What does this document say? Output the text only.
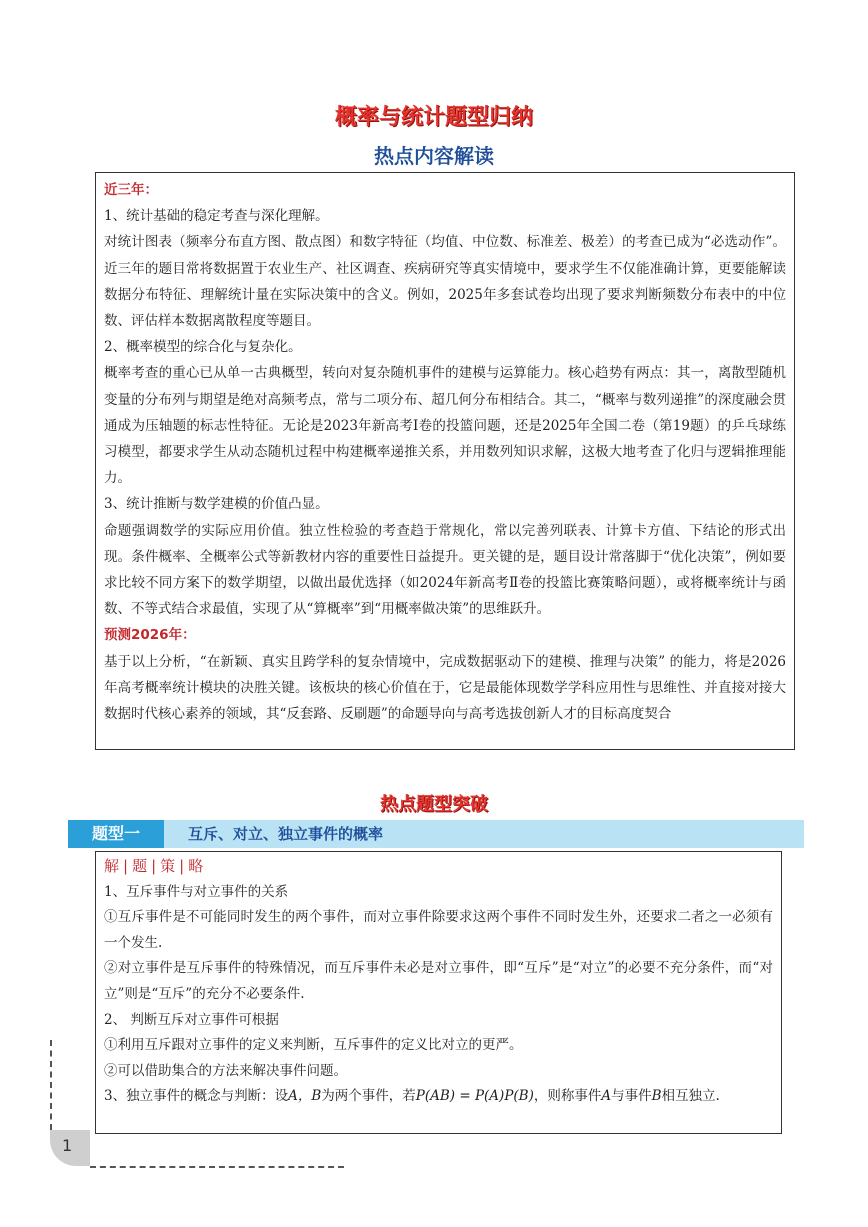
概率与统计题型归纳
热点内容解读

近三年：

1、统计基础的稳定考查与深化理解。

对统计图表（频率分布直方图、散点图）和数字特征（均值、中位数、标准差、极差）的考查已成为“必选动作”。近三年的题目常将数据置于农业生产、社区调查、疾病研究等真实情境中，要求学生不仅能准确计算，更要能解读数据分布特征、理解统计量在实际决策中的含义。例如，2025年多套试卷均出现了要求判断频数分布表中的中位数、评估样本数据离散程度等题目。

2、概率模型的综合化与复杂化。

概率考查的重心已从单一古典概型，转向对复杂随机事件的建模与运算能力。核心趋势有两点：其一，离散型随机变量的分布列与期望是绝对高频考点，常与二项分布、超几何分布相结合。其二，“概率与数列递推”的深度融会贯通成为压轴题的标志性特征。无论是2023年新高考Ⅰ卷的投篮问题，还是2025年全国二卷（第19题）的乒乓球练习模型，都要求学生从动态随机过程中构建概率递推关系，并用数列知识求解，这极大地考查了化归与逻辑推理能力。

3、统计推断与数学建模的价值凸显。

命题强调数学的实际应用价值。独立性检验的考查趋于常规化，常以完善列联表、计算卡方值、下结论的形式出现。条件概率、全概率公式等新教材内容的重要性日益提升。更关键的是，题目设计常落脚于“优化决策”，例如要求比较不同方案下的数学期望，以做出最优选择（如2024年新高考Ⅱ卷的投篮比赛策略问题），或将概率统计与函数、不等式结合求最值，实现了从“算概率”到“用概率做决策”的思维跃升。

预测2026年：

基于以上分析，“在新颖、真实且跨学科的复杂情境中，完成数据驱动下的建模、推理与决策” 的能力，将是2026年高考概率统计模块的决胜关键。该板块的核心价值在于，它是最能体现数学学科应用性与思维性、并直接对接大数据时代核心素养的领域，其“反套路、反刷题”的命题导向与高考选拔创新人才的目标高度契合

热点题型突破
题型一	互斥、对立、独立事件的概率

解 | 题 | 策 | 略

1、互斥事件与对立事件的关系

①互斥事件是不可能同时发生的两个事件，而对立事件除要求这两个事件不同时发生外，还要求二者之一必须有一个发生.

②对立事件是互斥事件的特殊情况，而互斥事件未必是对立事件，即“互斥”是“对立”的必要不充分条件，而“对立”则是“互斥”的充分不必要条件.

2、 判断互斥对立事件可根据

①利用互斥跟对立事件的定义来判断，互斥事件的定义比对立的更严。

②可以借助集合的方法来解决事件问题。

3、独立事件的概念与判断：设A，B为两个事件，若P(AB) = P(A)P(B)，则称事件A与事件B相互独立.

1
